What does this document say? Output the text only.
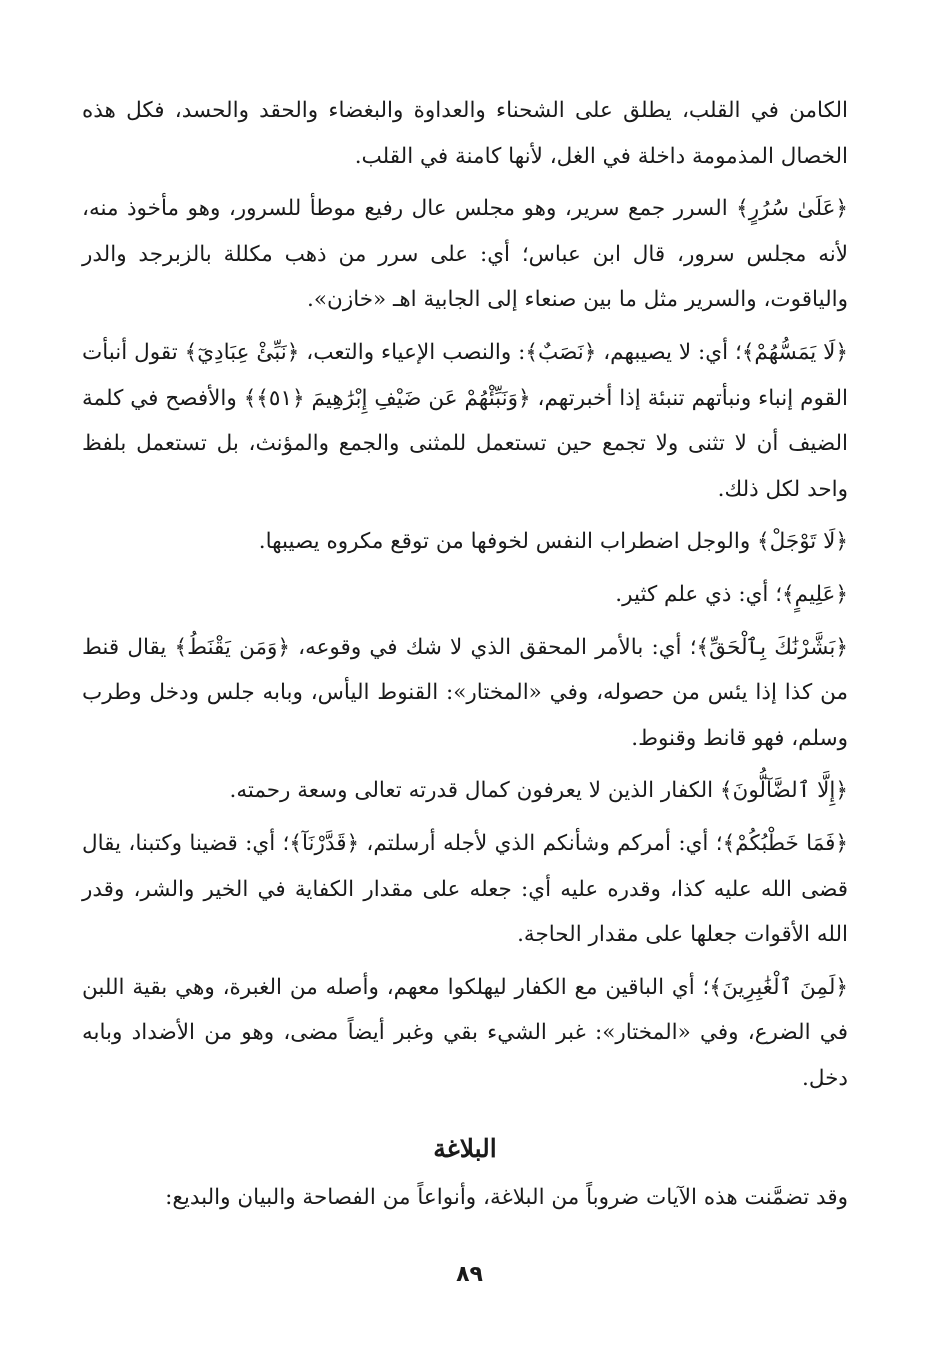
الكامن في القلب، يطلق على الشحناء والعداوة والبغضاء والحقد والحسد، فكل هذه الخصال المذمومة داخلة في الغل، لأنها كامنة في القلب.

﴿عَلَىٰ سُرُرٍ﴾ السرر جمع سرير، وهو مجلس عال رفيع موطأ للسرور، وهو مأخوذ منه، لأنه مجلس سرور، قال ابن عباس؛ أي: على سرر من ذهب مكللة بالزبرجد والدر والياقوت، والسرير مثل ما بين صنعاء إلى الجابية اهـ «خازن».

﴿لَا يَمَسُّهُمْ﴾؛ أي: لا يصيبهم، ﴿نَصَبٌ﴾: والنصب الإعياء والتعب، ﴿نَبِّئْ عِبَادِيٓ﴾ تقول أنبأت القوم إنباء ونبأتهم تنبئة إذا أخبرتهم، ﴿وَنَبِّئْهُمْ عَن ضَيْفِ إِبْرَٰهِيمَ ﴿٥١﴾﴾ والأفصح في كلمة الضيف أن لا تثنى ولا تجمع حين تستعمل للمثنى والجمع والمؤنث، بل تستعمل بلفظ واحد لكل ذلك.

﴿لَا تَوْجَلْ﴾ والوجل اضطراب النفس لخوفها من توقع مكروه يصيبها.

﴿عَلِيمٍ﴾؛ أي: ذي علم كثير.

﴿بَشَّرْنَٰكَ بِٱلْحَقِّ﴾؛ أي: بالأمر المحقق الذي لا شك في وقوعه، ﴿وَمَن يَقْنَطُ﴾ يقال قنط من كذا إذا يئس من حصوله، وفي «المختار»: القنوط اليأس، وبابه جلس ودخل وطرب وسلم، فهو قانط وقنوط.

﴿إِلَّا ٱلضَّآلُّونَ﴾ الكفار الذين لا يعرفون كمال قدرته تعالى وسعة رحمته.

﴿فَمَا خَطْبُكُمْ﴾؛ أي: أمركم وشأنكم الذي لأجله أرسلتم، ﴿قَدَّرْنَآ﴾؛ أي: قضينا وكتبنا، يقال قضى الله عليه كذا، وقدره عليه أي: جعله على مقدار الكفاية في الخير والشر، وقدر الله الأقوات جعلها على مقدار الحاجة.

﴿لَمِنَ ٱلْغَٰبِرِينَ﴾؛ أي الباقين مع الكفار ليهلكوا معهم، وأصله من الغبرة، وهي بقية اللبن في الضرع، وفي «المختار»: غبر الشيء بقي وغبر أيضاً مضى، وهو من الأضداد وبابه دخل.

البلاغة

وقد تضمَّنت هذه الآيات ضروباً من البلاغة، وأنواعاً من الفصاحة والبيان والبديع:

٨٩
